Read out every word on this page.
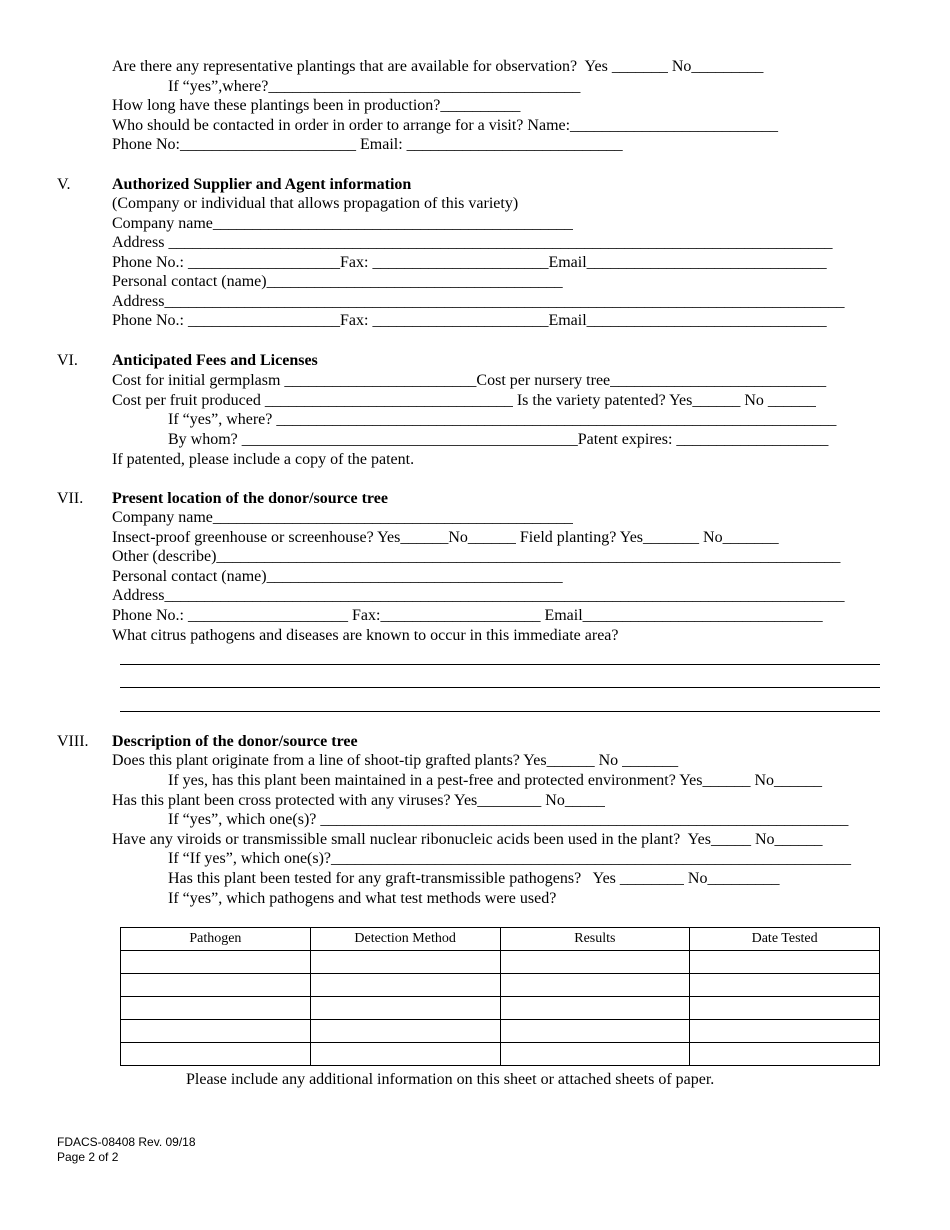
Are there any representative plantings that are available for observation?  Yes _______ No_________
If “yes”,where?_______________________________________
How long have these plantings been in production?__________
Who should be contacted in order in order to arrange for a visit? Name:__________________________
Phone No:______________________ Email: ___________________________
V.	Authorized Supplier and Agent information
(Company or individual that allows propagation of this variety)
Company name_____________________________________________
Address ___________________________________________________________________________________
Phone No.: ___________________Fax: ______________________Email______________________________
Personal contact (name)_____________________________________
Address_____________________________________________________________________________________
Phone No.: ___________________Fax: ______________________Email______________________________
VI. Anticipated Fees and Licenses
Cost for initial germplasm ________________________Cost per nursery tree___________________________
Cost per fruit produced _______________________________ Is the variety patented? Yes______ No ______
If “yes”, where? ______________________________________________________________________
By whom? __________________________________________Patent expires: ___________________
If patented, please include a copy of the patent.
VII. Present location of the donor/source tree
Company name_____________________________________________
Insect-proof greenhouse or screenhouse? Yes______No______ Field planting? Yes_______ No_______
Other (describe)______________________________________________________________________________
Personal contact (name)_____________________________________
Address_____________________________________________________________________________________
Phone No.: ____________________ Fax:____________________ Email______________________________
What citrus pathogens and diseases are known to occur in this immediate area?
VIII. Description of the donor/source tree
Does this plant originate from a line of shoot-tip grafted plants? Yes______ No _______
If yes, has this plant been maintained in a pest-free and protected environment? Yes______ No______
Has this plant been cross protected with any viruses? Yes________ No_____
If “yes”, which one(s)? __________________________________________________________________
Have any viroids or transmissible small nuclear ribonucleic acids been used in the plant?  Yes_____ No______
If “If yes”, which one(s)?_________________________________________________________________
Has this plant been tested for any graft-transmissible pathogens?   Yes ________ No_________
If “yes”, which pathogens and what test methods were used?
Pathogen	Detection Method	Results	Date Tested

Please include any additional information on this sheet or attached sheets of paper.
FDACS-08408 Rev. 09/18
Page 2 of 2
